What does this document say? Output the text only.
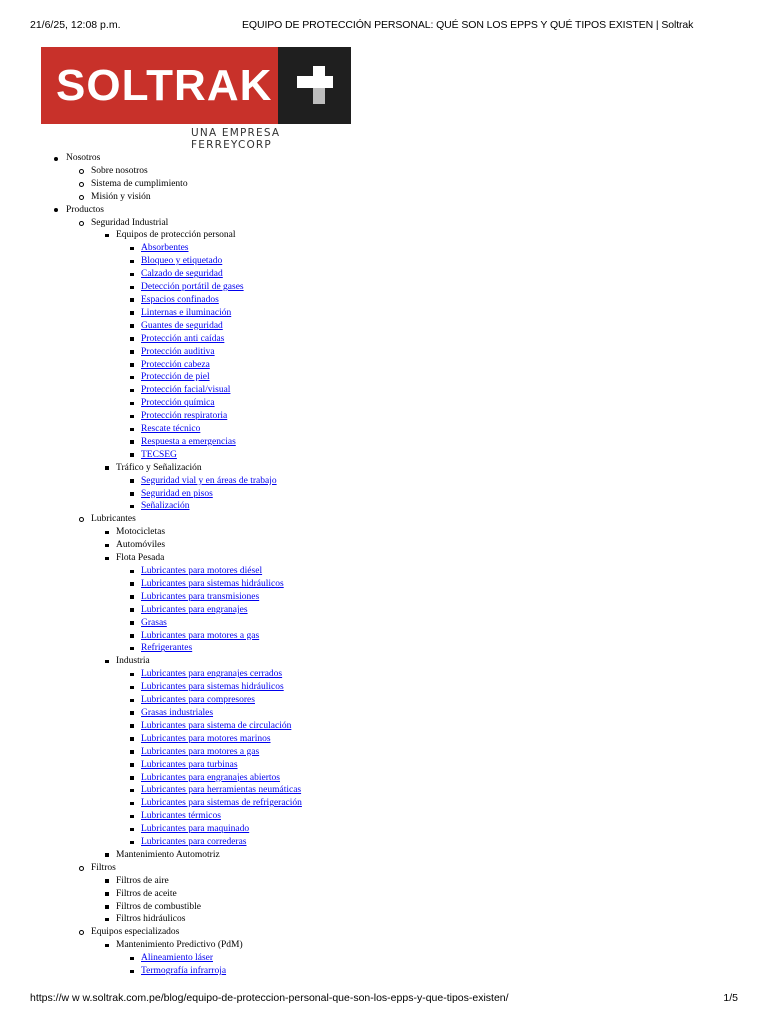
21/6/25, 12:08 p.m.	EQUIPO DE PROTECCIÓN PERSONAL: QUÉ SON LOS EPPS Y QUÉ TIPOS EXISTEN | Soltrak
SOLTRAK
UNA EMPRESA FERREYCORP
Nosotros
Sobre nosotros
Sistema de cumplimiento
Misión y visión
Productos
Seguridad Industrial
Equipos de protección personal
Absorbentes
Bloqueo y etiquetado
Calzado de seguridad
Detección portátil de gases
Espacios confinados
Linternas e iluminación
Guantes de seguridad
Protección anti caídas
Protección auditiva
Protección cabeza
Protección de piel
Protección facial/visual
Protección química
Protección respiratoria
Rescate técnico
Respuesta a emergencias
TECSEG
Tráfico y Señalización
Seguridad vial y en áreas de trabajo
Seguridad en pisos
Señalización
Lubricantes
Motocicletas
Automóviles
Flota Pesada
Lubricantes para motores diésel
Lubricantes para sistemas hidráulicos
Lubricantes para transmisiones
Lubricantes para engranajes
Grasas
Lubricantes para motores a gas
Refrigerantes
Industria
Lubricantes para engranajes cerrados
Lubricantes para sistemas hidráulicos
Lubricantes para compresores
Grasas industriales
Lubricantes para sistema de circulación
Lubricantes para motores marinos
Lubricantes para motores a gas
Lubricantes para turbinas
Lubricantes para engranajes abiertos
Lubricantes para herramientas neumáticas
Lubricantes para sistemas de refrigeración
Lubricantes térmicos
Lubricantes para maquinado
Lubricantes para correderas
Mantenimiento Automotriz
Filtros
Filtros de aire
Filtros de aceite
Filtros de combustible
Filtros hidráulicos
Equipos especializados
Mantenimiento Predictivo (PdM)
Alineamiento láser
Termografía infrarroja
https://w w w.soltrak.com.pe/blog/equipo-de-proteccion-personal-que-son-los-epps-y-que-tipos-existen/	1/5
